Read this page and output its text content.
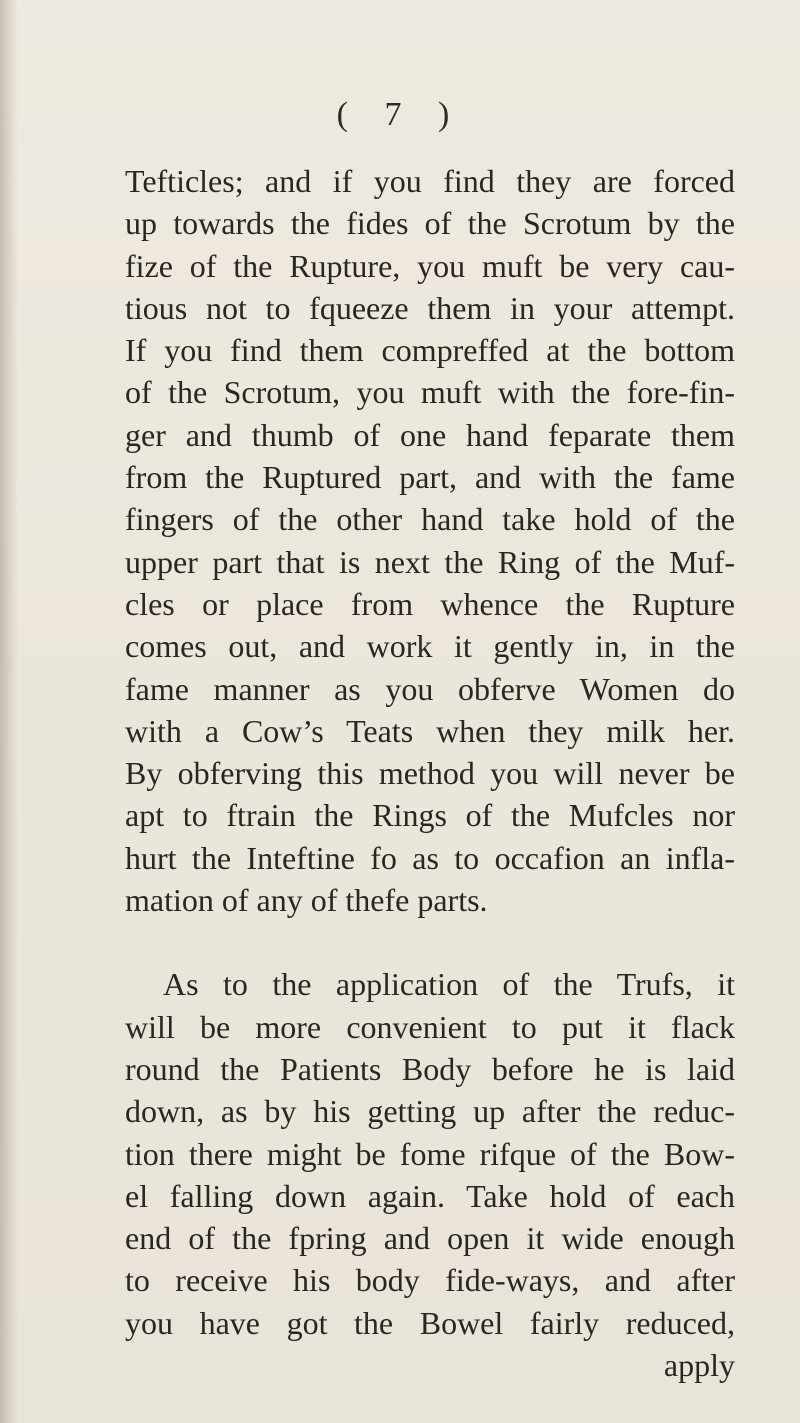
( 7 )
Tefticles; and if you find they are forced
up towards the fides of the Scrotum by the
fize of the Rupture, you muft be very cau-
tious not to fqueeze them in your attempt.
If you find them compreffed at the bottom
of the Scrotum, you muft with the fore-fin-
ger and thumb of one hand feparate them
from the Ruptured part, and with the fame
fingers of the other hand take hold of the
upper part that is next the Ring of the Muf-
cles or place from whence the Rupture
comes out, and work it gently in, in the
fame manner as you obferve Women do
with a Cow’s Teats when they milk her.
By obferving this method you will never be
apt to ftrain the Rings of the Mufcles nor
hurt the Inteftine fo as to occafion an infla-
mation of any of thefe parts.
As to the application of the Trufs, it
will be more convenient to put it flack
round the Patients Body before he is laid
down, as by his getting up after the reduc-
tion there might be fome rifque of the Bow-
el falling down again. Take hold of each
end of the fpring and open it wide enough
to receive his body fide-ways, and after
you have got the Bowel fairly reduced,
apply
